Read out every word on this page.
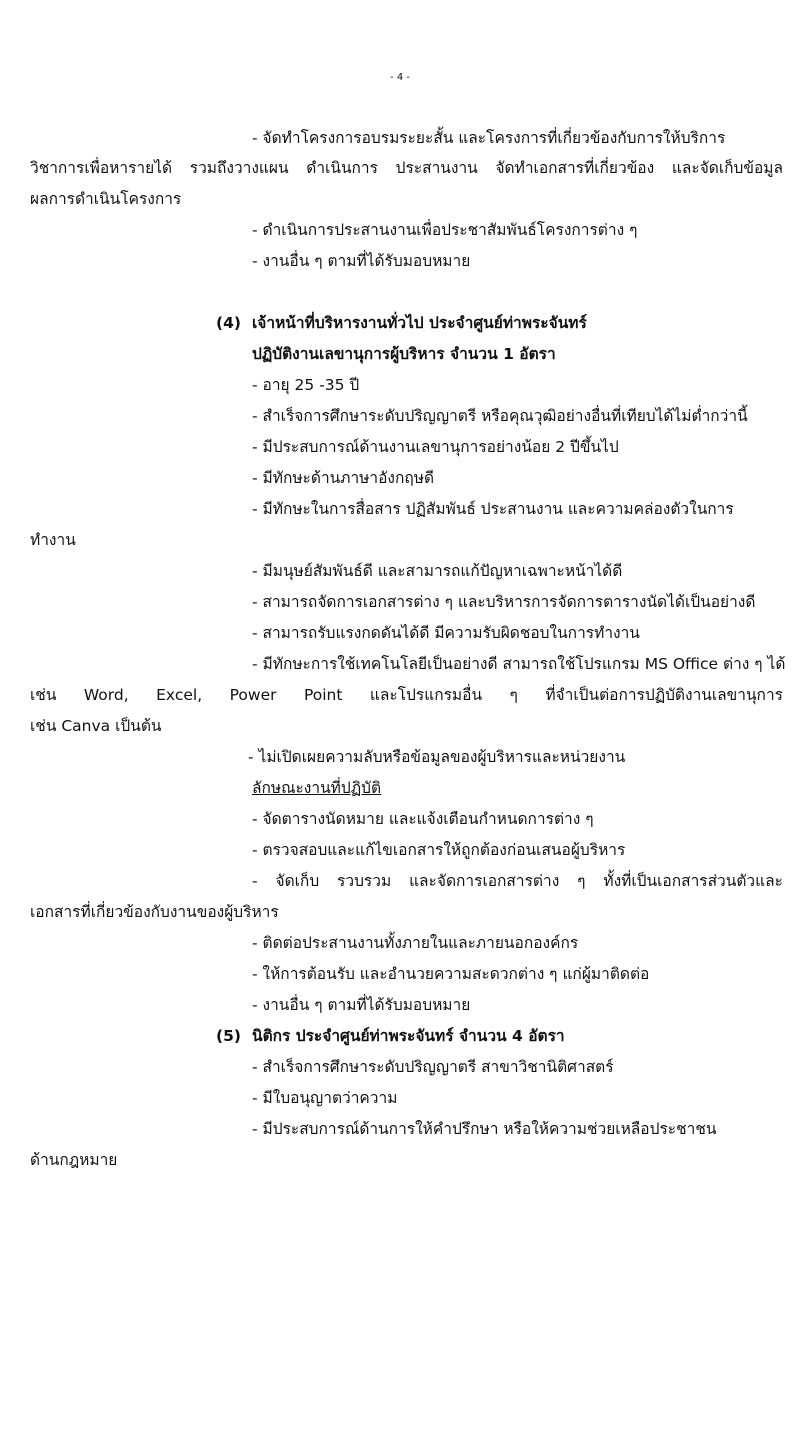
- 4 -
- จัดทำโครงการอบรมระยะสั้น และโครงการที่เกี่ยวข้องกับการให้บริการ
วิชาการเพื่อหารายได้ รวมถึงวางแผน ดำเนินการ ประสานงาน จัดทำเอกสารที่เกี่ยวข้อง และจัดเก็บข้อมูล
ผลการดำเนินโครงการ
- ดำเนินการประสานงานเพื่อประชาสัมพันธ์โครงการต่าง ๆ
- งานอื่น ๆ ตามที่ได้รับมอบหมาย
(4) เจ้าหน้าที่บริหารงานทั่วไป ประจำศูนย์ท่าพระจันทร์
ปฏิบัติงานเลขานุการผู้บริหาร จำนวน 1 อัตรา
- อายุ 25 -35 ปี
- สำเร็จการศึกษาระดับปริญญาตรี หรือคุณวุฒิอย่างอื่นที่เทียบได้ไม่ต่ำกว่านี้
- มีประสบการณ์ด้านงานเลขานุการอย่างน้อย 2 ปีขึ้นไป
- มีทักษะด้านภาษาอังกฤษดี
- มีทักษะในการสื่อสาร ปฏิสัมพันธ์ ประสานงาน และความคล่องตัวในการ
ทำงาน
- มีมนุษย์สัมพันธ์ดี และสามารถแก้ปัญหาเฉพาะหน้าได้ดี
- สามารถจัดการเอกสารต่าง ๆ และบริหารการจัดการตารางนัดได้เป็นอย่างดี
- สามารถรับแรงกดดันได้ดี มีความรับผิดชอบในการทำงาน
- มีทักษะการใช้เทคโนโลยีเป็นอย่างดี สามารถใช้โปรแกรม MS Office ต่าง ๆ ได้
เช่น Word, Excel, Power Point และโปรแกรมอื่น ๆ ที่จำเป็นต่อการปฏิบัติงานเลขานุการ
เช่น Canva เป็นต้น
- ไม่เปิดเผยความลับหรือข้อมูลของผู้บริหารและหน่วยงาน
ลักษณะงานที่ปฏิบัติ
- จัดตารางนัดหมาย และแจ้งเตือนกำหนดการต่าง ๆ
- ตรวจสอบและแก้ไขเอกสารให้ถูกต้องก่อนเสนอผู้บริหาร
- จัดเก็บ รวบรวม และจัดการเอกสารต่าง ๆ ทั้งที่เป็นเอกสารส่วนตัวและ
เอกสารที่เกี่ยวข้องกับงานของผู้บริหาร
- ติดต่อประสานงานทั้งภายในและภายนอกองค์กร
- ให้การต้อนรับ และอำนวยความสะดวกต่าง ๆ แก่ผู้มาติดต่อ
- งานอื่น ๆ ตามที่ได้รับมอบหมาย
(5) นิติกร ประจำศูนย์ท่าพระจันทร์ จำนวน 4 อัตรา
- สำเร็จการศึกษาระดับปริญญาตรี สาขาวิชานิติศาสตร์
- มีใบอนุญาตว่าความ
- มีประสบการณ์ด้านการให้คำปรึกษา หรือให้ความช่วยเหลือประชาชน
ด้านกฎหมาย
